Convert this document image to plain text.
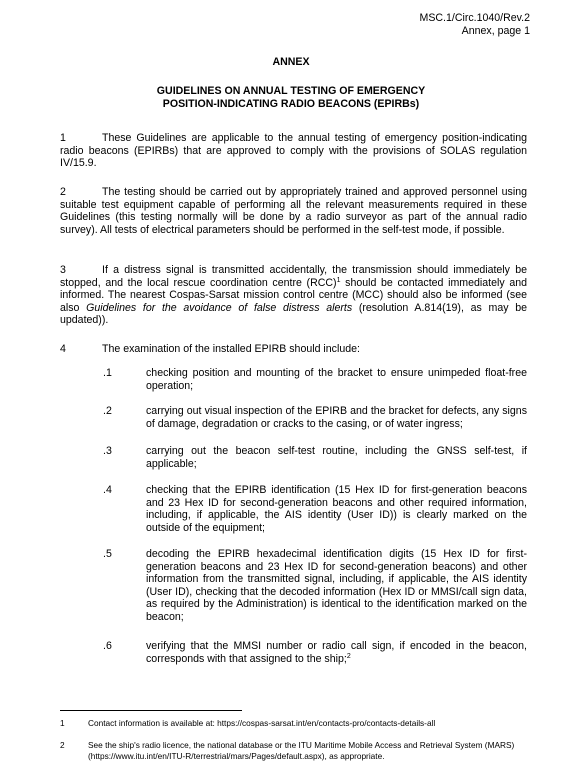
MSC.1/Circ.1040/Rev.2
Annex, page 1
ANNEX
GUIDELINES ON ANNUAL TESTING OF EMERGENCY
POSITION-INDICATING RADIO BEACONS (EPIRBs)
1	These Guidelines are applicable to the annual testing of emergency position-indicating radio beacons (EPIRBs) that are approved to comply with the provisions of SOLAS regulation IV/15.9.
2	The testing should be carried out by appropriately trained and approved personnel using suitable test equipment capable of performing all the relevant measurements required in these Guidelines (this testing normally will be done by a radio surveyor as part of the annual radio survey). All tests of electrical parameters should be performed in the self-test mode, if possible.
3	If a distress signal is transmitted accidentally, the transmission should immediately be stopped, and the local rescue coordination centre (RCC)$^1$ should be contacted immediately and informed. The nearest Cospas-Sarsat mission control centre (MCC) should also be informed (see also Guidelines for the avoidance of false distress alerts (resolution A.814(19), as may be updated)).
4	The examination of the installed EPIRB should include:
.1	checking position and mounting of the bracket to ensure unimpeded float-free operation;
.2	carrying out visual inspection of the EPIRB and the bracket for defects, any signs of damage, degradation or cracks to the casing, or of water ingress;
.3	carrying out the beacon self-test routine, including the GNSS self-test, if applicable;
.4	checking that the EPIRB identification (15 Hex ID for first-generation beacons and 23 Hex ID for second-generation beacons and other required information, including, if applicable, the AIS identity (User ID)) is clearly marked on the outside of the equipment;
.5	decoding the EPIRB hexadecimal identification digits (15 Hex ID for first-generation beacons and 23 Hex ID for second-generation beacons) and other information from the transmitted signal, including, if applicable, the AIS identity (User ID), checking that the decoded information (Hex ID or MMSI/call sign data, as required by the Administration) is identical to the identification marked on the beacon;
.6	verifying that the MMSI number or radio call sign, if encoded in the beacon, corresponds with that assigned to the ship;$^2$
1	Contact information is available at: https://cospas-sarsat.int/en/contacts-pro/contacts-details-all
2	See the ship's radio licence, the national database or the ITU Maritime Mobile Access and Retrieval System (MARS) (https://www.itu.int/en/ITU-R/terrestrial/mars/Pages/default.aspx), as appropriate.
